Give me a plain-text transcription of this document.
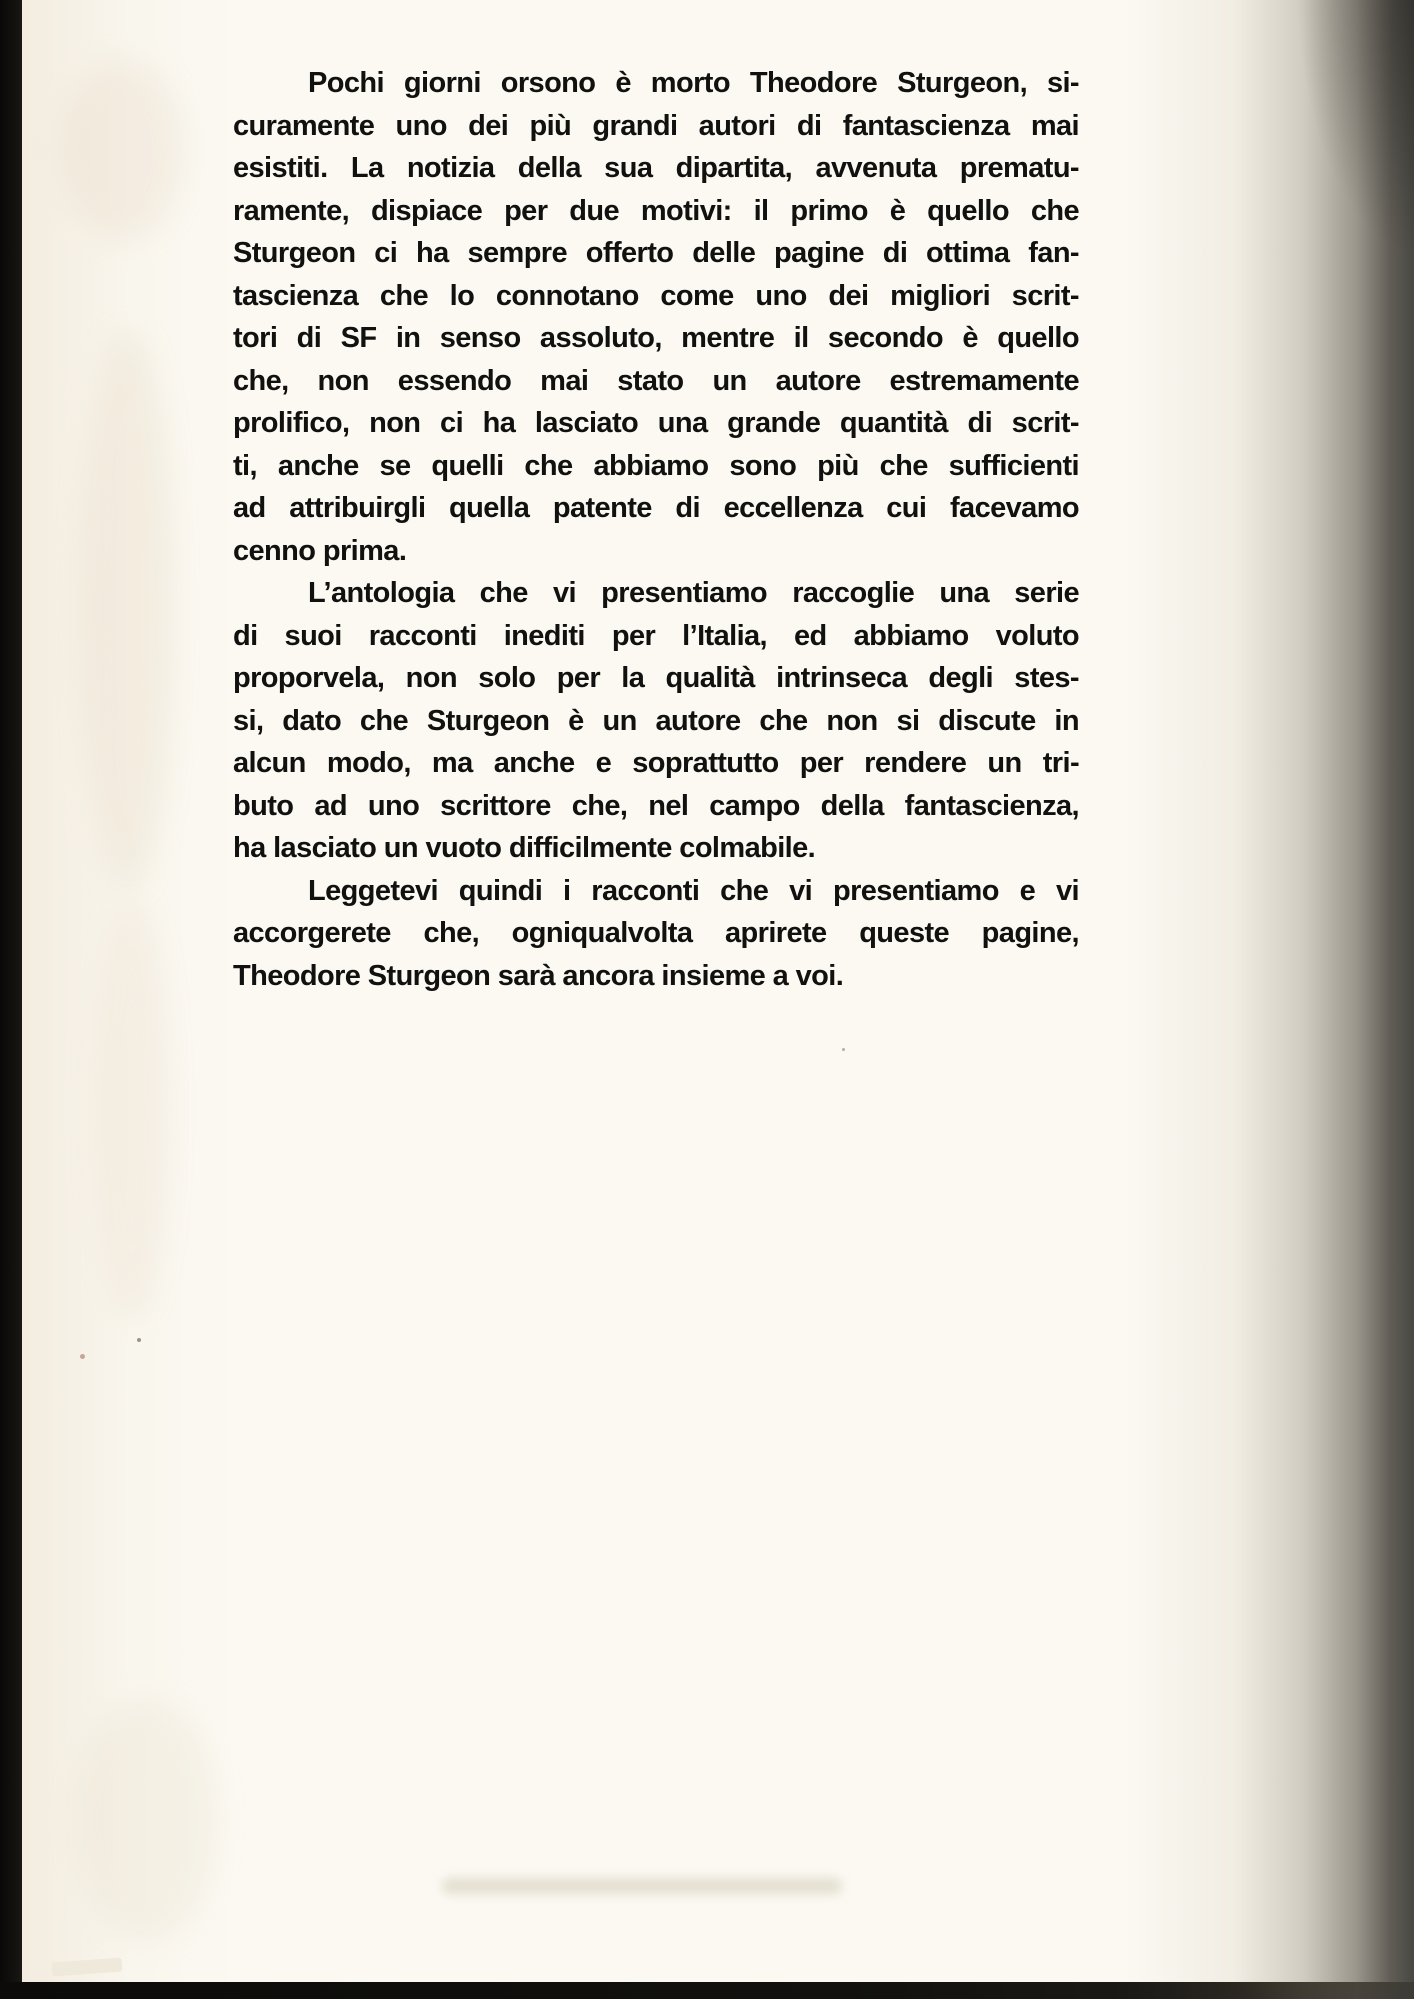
Pochi giorni orsono è morto Theodore Sturgeon, si-
curamente uno dei più grandi autori di fantascienza mai
esistiti. La notizia della sua dipartita, avvenuta prematu-
ramente, dispiace per due motivi: il primo è quello che
Sturgeon ci ha sempre offerto delle pagine di ottima fan-
tascienza che lo connotano come uno dei migliori scrit-
tori di SF in senso assoluto, mentre il secondo è quello
che, non essendo mai stato un autore estremamente
prolifico, non ci ha lasciato una grande quantità di scrit-
ti, anche se quelli che abbiamo sono più che sufficienti
ad attribuirgli quella patente di eccellenza cui facevamo
cenno prima.
L’antologia che vi presentiamo raccoglie una serie
di suoi racconti inediti per l’Italia, ed abbiamo voluto
proporvela, non solo per la qualità intrinseca degli stes-
si, dato che Sturgeon è un autore che non si discute in
alcun modo, ma anche e soprattutto per rendere un tri-
buto ad uno scrittore che, nel campo della fantascienza,
ha lasciato un vuoto difficilmente colmabile.
Leggetevi quindi i racconti che vi presentiamo e vi
accorgerete che, ogniqualvolta aprirete queste pagine,
Theodore Sturgeon sarà ancora insieme a voi.
